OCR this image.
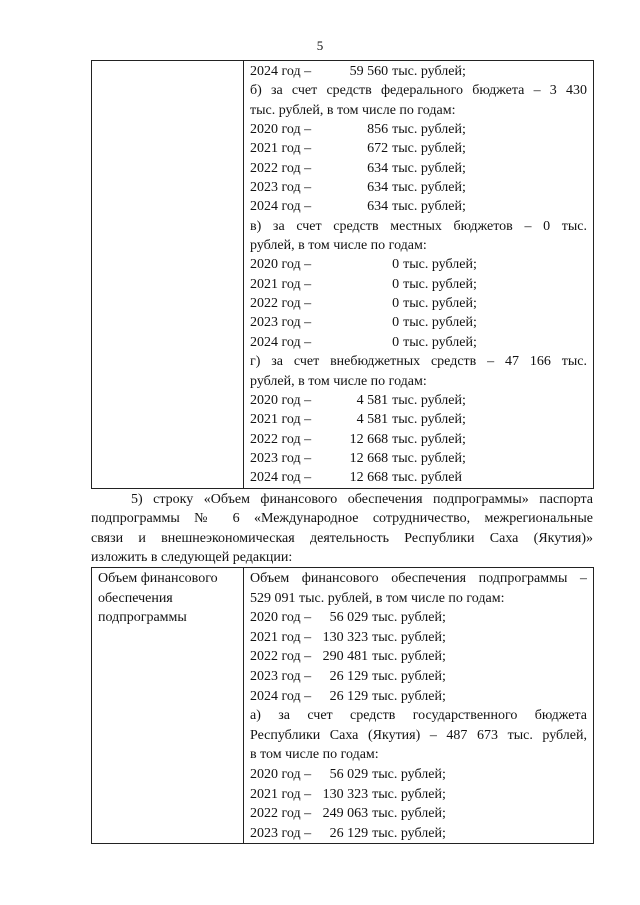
5

2024 год –	59 560 тыс. рублей;
б) за счет средств федерального бюджета – 3 430
тыс. рублей, в том числе по годам:
2020 год –	856 тыс. рублей;
2021 год –	672 тыс. рублей;
2022 год –	634 тыс. рублей;
2023 год –	634 тыс. рублей;
2024 год –	634 тыс. рублей;
в) за счет средств местных бюджетов – 0 тыс.
рублей, в том числе по годам:
2020 год –	0 тыс. рублей;
2021 год –	0 тыс. рублей;
2022 год –	0 тыс. рублей;
2023 год –	0 тыс. рублей;
2024 год –	0 тыс. рублей;
г) за счет внебюджетных средств – 47 166 тыс.
рублей, в том числе по годам:
2020 год –	4 581 тыс. рублей;
2021 год –	4 581 тыс. рублей;
2022 год –	12 668 тыс. рублей;
2023 год –	12 668 тыс. рублей;
2024 год –	12 668 тыс. рублей
5) строку «Объем финансового обеспечения подпрограммы» паспорта
подпрограммы № 6 «Международное сотрудничество, межрегиональные
связи и внешнеэкономическая деятельность Республики Саха (Якутия)»
изложить в следующей редакции:
Объем финансового
обеспечения
подпрограммы

Объем финансового обеспечения подпрограммы –
529 091 тыс. рублей, в том числе по годам:
2020 год –	56 029 тыс. рублей;
2021 год – 130 323 тыс. рублей;
2022 год – 290 481 тыс. рублей;
2023 год –	26 129 тыс. рублей;
2024 год –	26 129 тыс. рублей;
а) за счет средств государственного бюджета
Республики Саха (Якутия) – 487 673 тыс. рублей,
в том числе по годам:
2020 год –	56 029 тыс. рублей;
2021 год – 130 323 тыс. рублей;
2022 год – 249 063 тыс. рублей;
2023 год –	26 129 тыс. рублей;
